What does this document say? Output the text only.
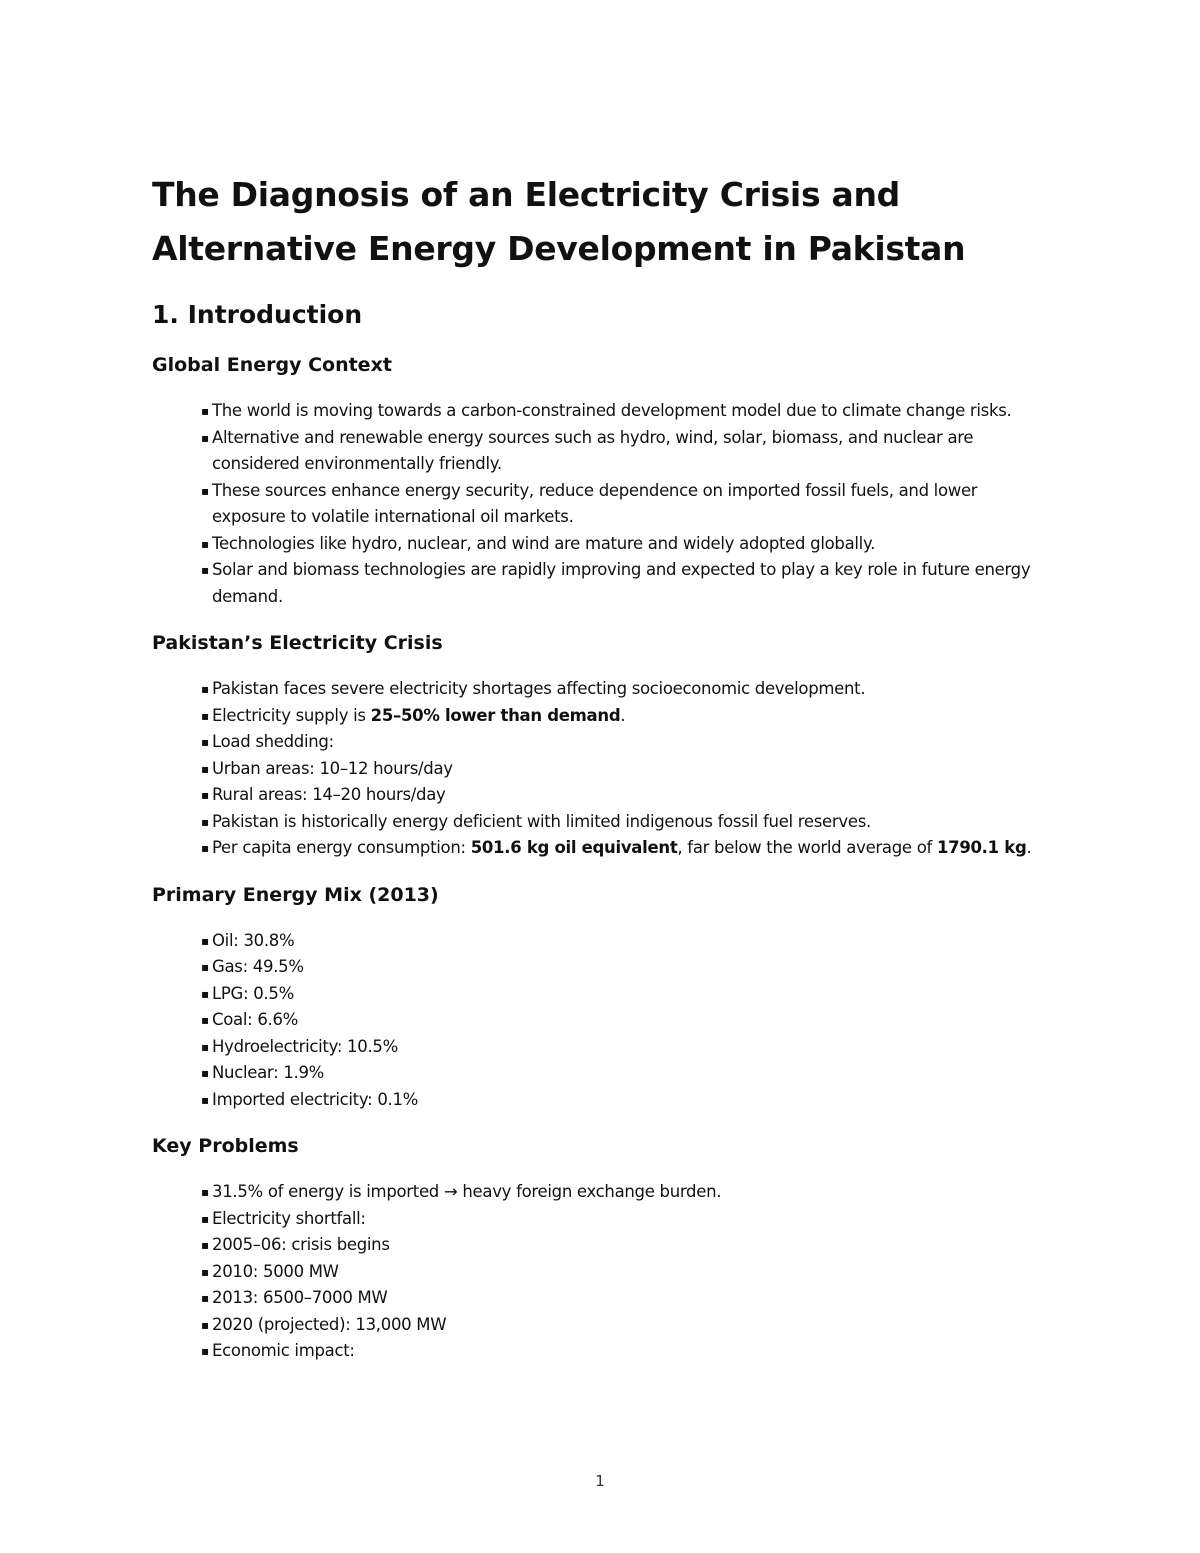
The Diagnosis of an Electricity Crisis and
Alternative Energy Development in Pakistan
1. Introduction
Global Energy Context
▪ The world is moving towards a carbon-constrained development model due to climate change risks.
▪ Alternative and renewable energy sources such as hydro, wind, solar, biomass, and nuclear are considered environmentally friendly.
▪ These sources enhance energy security, reduce dependence on imported fossil fuels, and lower exposure to volatile international oil markets.
▪ Technologies like hydro, nuclear, and wind are mature and widely adopted globally.
▪ Solar and biomass technologies are rapidly improving and expected to play a key role in future energy demand.
Pakistan’s Electricity Crisis
▪ Pakistan faces severe electricity shortages affecting socioeconomic development.
▪ Electricity supply is 25–50% lower than demand.
▪ Load shedding:
▪ Urban areas: 10–12 hours/day
▪ Rural areas: 14–20 hours/day
▪ Pakistan is historically energy deficient with limited indigenous fossil fuel reserves.
▪ Per capita energy consumption: 501.6 kg oil equivalent, far below the world average of 1790.1 kg.
Primary Energy Mix (2013)
▪ Oil: 30.8%
▪ Gas: 49.5%
▪ LPG: 0.5%
▪ Coal: 6.6%
▪ Hydroelectricity: 10.5%
▪ Nuclear: 1.9%
▪ Imported electricity: 0.1%
Key Problems
▪ 31.5% of energy is imported → heavy foreign exchange burden.
▪ Electricity shortfall:
▪ 2005–06: crisis begins
▪ 2010: 5000 MW
▪ 2013: 6500–7000 MW
▪ 2020 (projected): 13,000 MW
▪ Economic impact:
1
